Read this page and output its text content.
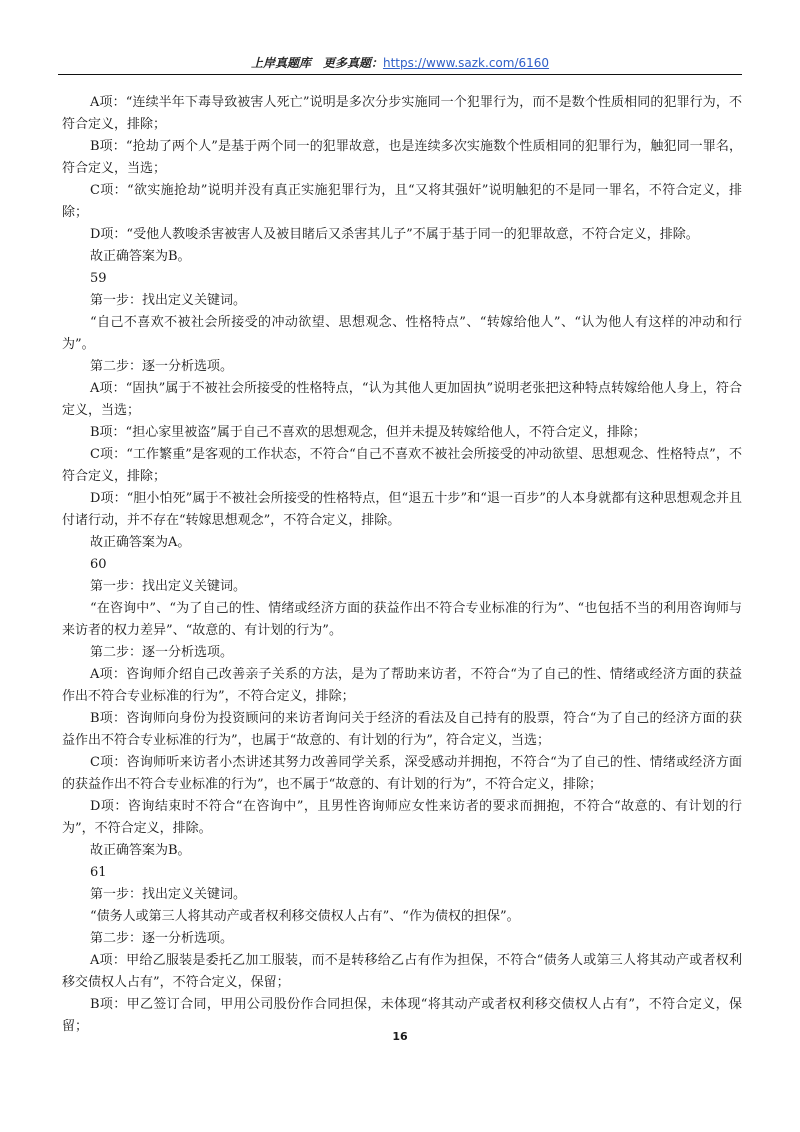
上岸真题库 更多真题：https://www.sazk.com/6160

A项：“连续半年下毒导致被害人死亡”说明是多次分步实施同一个犯罪行为，而不是数个性质相同的犯罪行为，不符合定义，排除；

B项：“抢劫了两个人”是基于两个同一的犯罪故意，也是连续多次实施数个性质相同的犯罪行为，触犯同一罪名，符合定义，当选；

C项：“欲实施抢劫”说明并没有真正实施犯罪行为，且“又将其强奸”说明触犯的不是同一罪名，不符合定义，排除；

D项：“受他人教唆杀害被害人及被目睹后又杀害其儿子”不属于基于同一的犯罪故意，不符合定义，排除。

故正确答案为B。

59

第一步：找出定义关键词。

“自己不喜欢不被社会所接受的冲动欲望、思想观念、性格特点”、“转嫁给他人”、“认为他人有这样的冲动和行为”。

第二步：逐一分析选项。

A项：“固执”属于不被社会所接受的性格特点，“认为其他人更加固执”说明老张把这种特点转嫁给他人身上，符合定义，当选；

B项：“担心家里被盗”属于自己不喜欢的思想观念，但并未提及转嫁给他人，不符合定义，排除；

C项：“工作繁重”是客观的工作状态，不符合“自己不喜欢不被社会所接受的冲动欲望、思想观念、性格特点”，不符合定义，排除；

D项：“胆小怕死”属于不被社会所接受的性格特点，但“退五十步”和“退一百步”的人本身就都有这种思想观念并且付诸行动，并不存在“转嫁思想观念”，不符合定义，排除。

故正确答案为A。

60

第一步：找出定义关键词。

“在咨询中”、“为了自己的性、情绪或经济方面的获益作出不符合专业标准的行为”、“也包括不当的利用咨询师与来访者的权力差异”、“故意的、有计划的行为”。

第二步：逐一分析选项。

A项：咨询师介绍自己改善亲子关系的方法，是为了帮助来访者，不符合“为了自己的性、情绪或经济方面的获益作出不符合专业标准的行为”，不符合定义，排除；

B项：咨询师向身份为投资顾问的来访者询问关于经济的看法及自己持有的股票，符合“为了自己的经济方面的获益作出不符合专业标准的行为”，也属于“故意的、有计划的行为”，符合定义，当选；

C项：咨询师听来访者小杰讲述其努力改善同学关系，深受感动并拥抱，不符合“为了自己的性、情绪或经济方面的获益作出不符合专业标准的行为”，也不属于“故意的、有计划的行为”，不符合定义，排除；

D项：咨询结束时不符合“在咨询中”，且男性咨询师应女性来访者的要求而拥抱，不符合“故意的、有计划的行为”，不符合定义，排除。

故正确答案为B。

61

第一步：找出定义关键词。

“债务人或第三人将其动产或者权利移交债权人占有”、“作为债权的担保”。

第二步：逐一分析选项。

A项：甲给乙服装是委托乙加工服装，而不是转移给乙占有作为担保，不符合“债务人或第三人将其动产或者权利移交债权人占有”，不符合定义，保留；

B项：甲乙签订合同，甲用公司股份作合同担保，未体现“将其动产或者权利移交债权人占有”，不符合定义，保留；

16
